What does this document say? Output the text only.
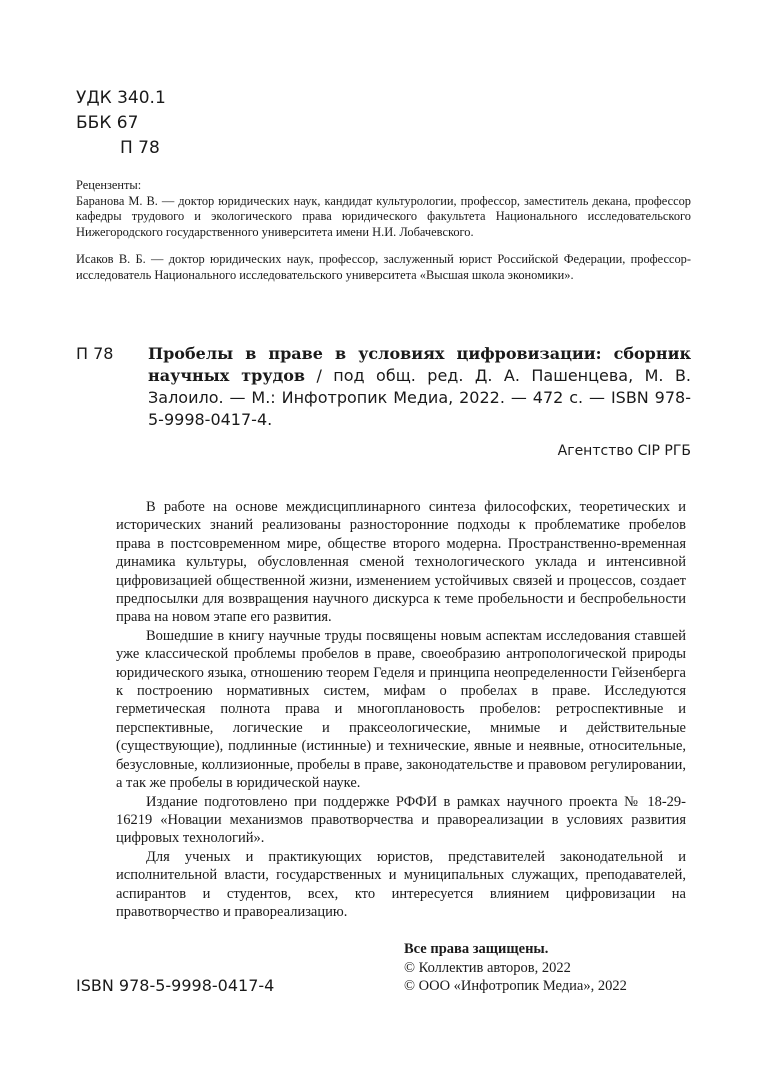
УДК 340.1
ББК 67
П 78

Рецензенты:

Баранова М. В. — доктор юридических наук, кандидат культурологии, профессор, заместитель декана, профессор кафедры трудового и экологического права юридического факультета Национального исследовательского Нижегородского государственного университета имени Н.И. Лобачевского.

Исаков В. Б. — доктор юридических наук, профессор, заслуженный юрист Российской Федерации, профессор-исследователь Национального исследовательского университета «Высшая школа экономики».

П 78 Пробелы в праве в условиях цифровизации: сборник научных трудов / под общ. ред. Д. А. Пашенцева, М. В. Залоило. — М.: Инфотропик Медиа, 2022. — 472 с. — ISBN 978-5-9998-0417-4.
Агентство CIP РГБ

В работе на основе междисциплинарного синтеза философских, теоретических и исторических знаний реализованы разносторонние подходы к проблематике пробелов права в постсовременном мире, обществе второго модерна. Пространственно-временная динамика культуры, обусловленная сменой технологического уклада и интенсивной цифровизацией общественной жизни, изменением устойчивых связей и процессов, создает предпосылки для возвращения научного дискурса к теме пробельности и беспробельности права на новом этапе его развития.

Вошедшие в книгу научные труды посвящены новым аспектам исследования ставшей уже классической проблемы пробелов в праве, своеобразию антропологической природы юридического языка, отношению теорем Геделя и принципа неопределенности Гейзенберга к построению нормативных систем, мифам о пробелах в праве. Исследуются герметическая полнота права и многоплановость пробелов: ретроспективные и перспективные, логические и праксеологические, мнимые и действительные (существующие), подлинные (истинные) и технические, явные и неявные, относительные, безусловные, коллизионные, пробелы в праве, законодательстве и правовом регулировании, а так же пробелы в юридической науке.

Издание подготовлено при поддержке РФФИ в рамках научного проекта № 18-29-16219 «Новации механизмов правотворчества и правореализации в условиях развития цифровых технологий».

Для ученых и практикующих юристов, представителей законодательной и исполнительной власти, государственных и муниципальных служащих, преподавателей, аспирантов и студентов, всех, кто интересуется влиянием цифровизации на правотворчество и правореализацию.

Все права защищены.
© Коллектив авторов, 2022
© ООО «Инфотропик Медиа», 2022
ISBN 978-5-9998-0417-4
